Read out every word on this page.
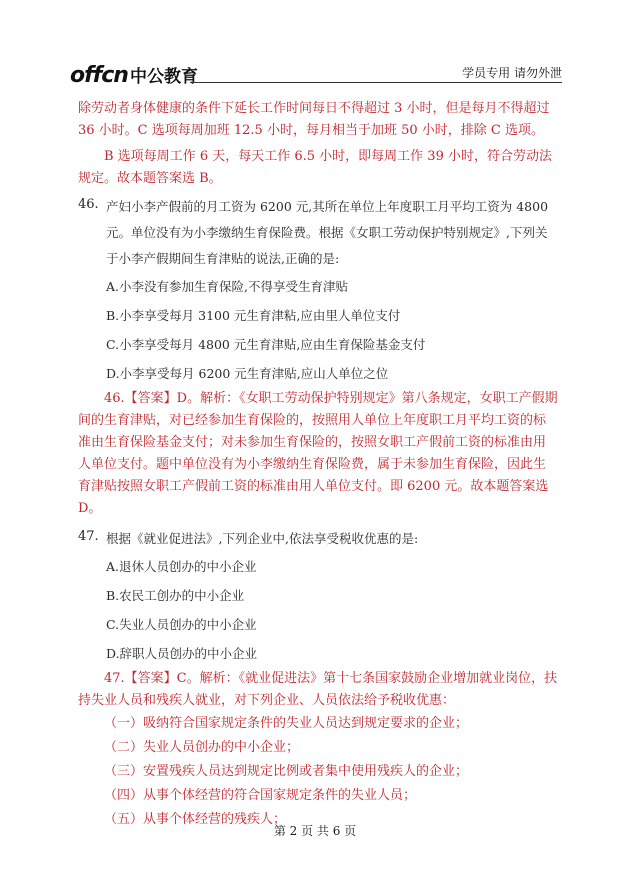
offcn 中公教育	学员专用 请勿外泄

除劳动者身体健康的条件下延长工作时间每日不得超过 3 小时，但是每月不得超过 36 小时。C 选项每周加班 12.5 小时，每月相当于加班 50 小时，排除 C 选项。

B 选项每周工作 6 天，每天工作 6.5 小时，即每周工作 39 小时，符合劳动法规定。故本题答案选 B。

46. 产妇小李产假前的月工资为 6200 元,其所在单位上年度职工月平均工资为 4800 元。单位没有为小李缴纳生育保险费。根据《女职工劳动保护特别规定》,下列关于小李产假期间生育津贴的说法,正确的是:
A.小李没有参加生育保险,不得享受生育津贴
B.小李享受每月 3100 元生育津粘,应由里人单位支付
C.小李享受每月 4800 元生育津贴,应由生育保险基金支付
D.小李享受每月 6200 元生育津贴,应山人单位之位

46.【答案】D。解析：《女职工劳动保护特别规定》第八条规定，女职工产假期间的生育津贴，对已经参加生育保险的，按照用人单位上年度职工月平均工资的标准由生育保险基金支付；对未参加生育保险的，按照女职工产假前工资的标准由用人单位支付。题中单位没有为小李缴纳生育保险费，属于未参加生育保险，因此生育津贴按照女职工产假前工资的标准由用人单位支付。即 6200 元。故本题答案选 D。

47. 根据《就业促进法》,下列企业中,依法享受税收优惠的是:
A.退休人员创办的中小企业
B.农民工创办的中小企业
C.失业人员创办的中小企业
D.辞职人员创办的中小企业

47.【答案】C。解析：《就业促进法》第十七条国家鼓励企业增加就业岗位，扶持失业人员和残疾人就业，对下列企业、人员依法给予税收优惠：

（一）吸纳符合国家规定条件的失业人员达到规定要求的企业；
（二）失业人员创办的中小企业；
（三）安置残疾人员达到规定比例或者集中使用残疾人的企业；
（四）从事个体经营的符合国家规定条件的失业人员；
（五）从事个体经营的残疾人；
第 2 页 共 6 页
